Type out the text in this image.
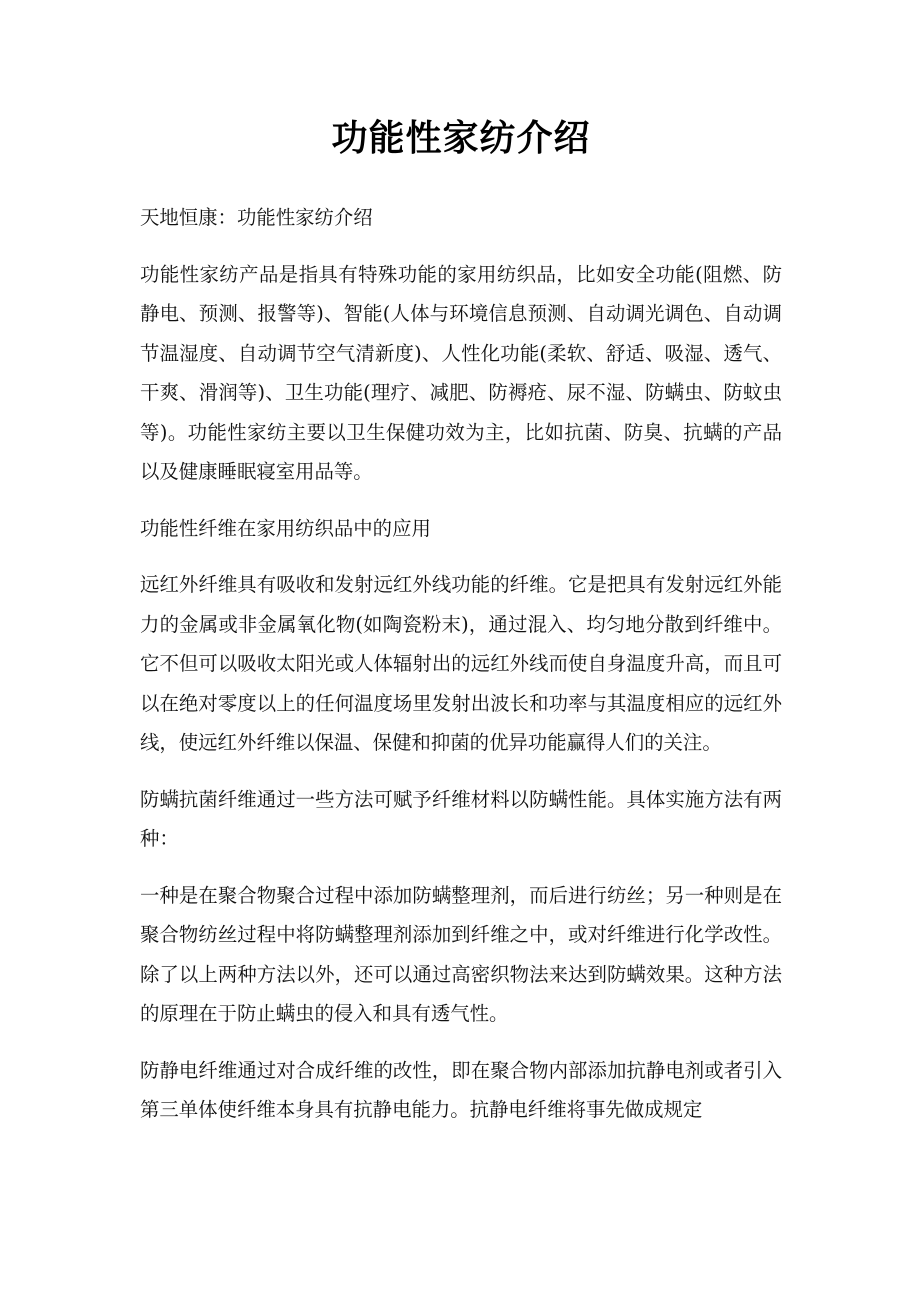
功能性家纺介绍

天地恒康：功能性家纺介绍

功能性家纺产品是指具有特殊功能的家用纺织品，比如安全功能(阻燃、防静电、预测、报警等)、智能(人体与环境信息预测、自动调光调色、自动调节温湿度、自动调节空气清新度)、人性化功能(柔软、舒适、吸湿、透气、干爽、滑润等)、卫生功能(理疗、减肥、防褥疮、尿不湿、防螨虫、防蚊虫等)。功能性家纺主要以卫生保健功效为主，比如抗菌、防臭、抗螨的产品以及健康睡眠寝室用品等。

功能性纤维在家用纺织品中的应用

远红外纤维具有吸收和发射远红外线功能的纤维。它是把具有发射远红外能力的金属或非金属氧化物(如陶瓷粉末)，通过混入、均匀地分散到纤维中。它不但可以吸收太阳光或人体辐射出的远红外线而使自身温度升高，而且可以在绝对零度以上的任何温度场里发射出波长和功率与其温度相应的远红外线，使远红外纤维以保温、保健和抑菌的优异功能赢得人们的关注。

防螨抗菌纤维通过一些方法可赋予纤维材料以防螨性能。具体实施方法有两种：

一种是在聚合物聚合过程中添加防螨整理剂，而后进行纺丝；另一种则是在聚合物纺丝过程中将防螨整理剂添加到纤维之中，或对纤维进行化学改性。除了以上两种方法以外，还可以通过高密织物法来达到防螨效果。这种方法的原理在于防止螨虫的侵入和具有透气性。

防静电纤维通过对合成纤维的改性，即在聚合物内部添加抗静电剂或者引入第三单体使纤维本身具有抗静电能力。抗静电纤维将事先做成规定
